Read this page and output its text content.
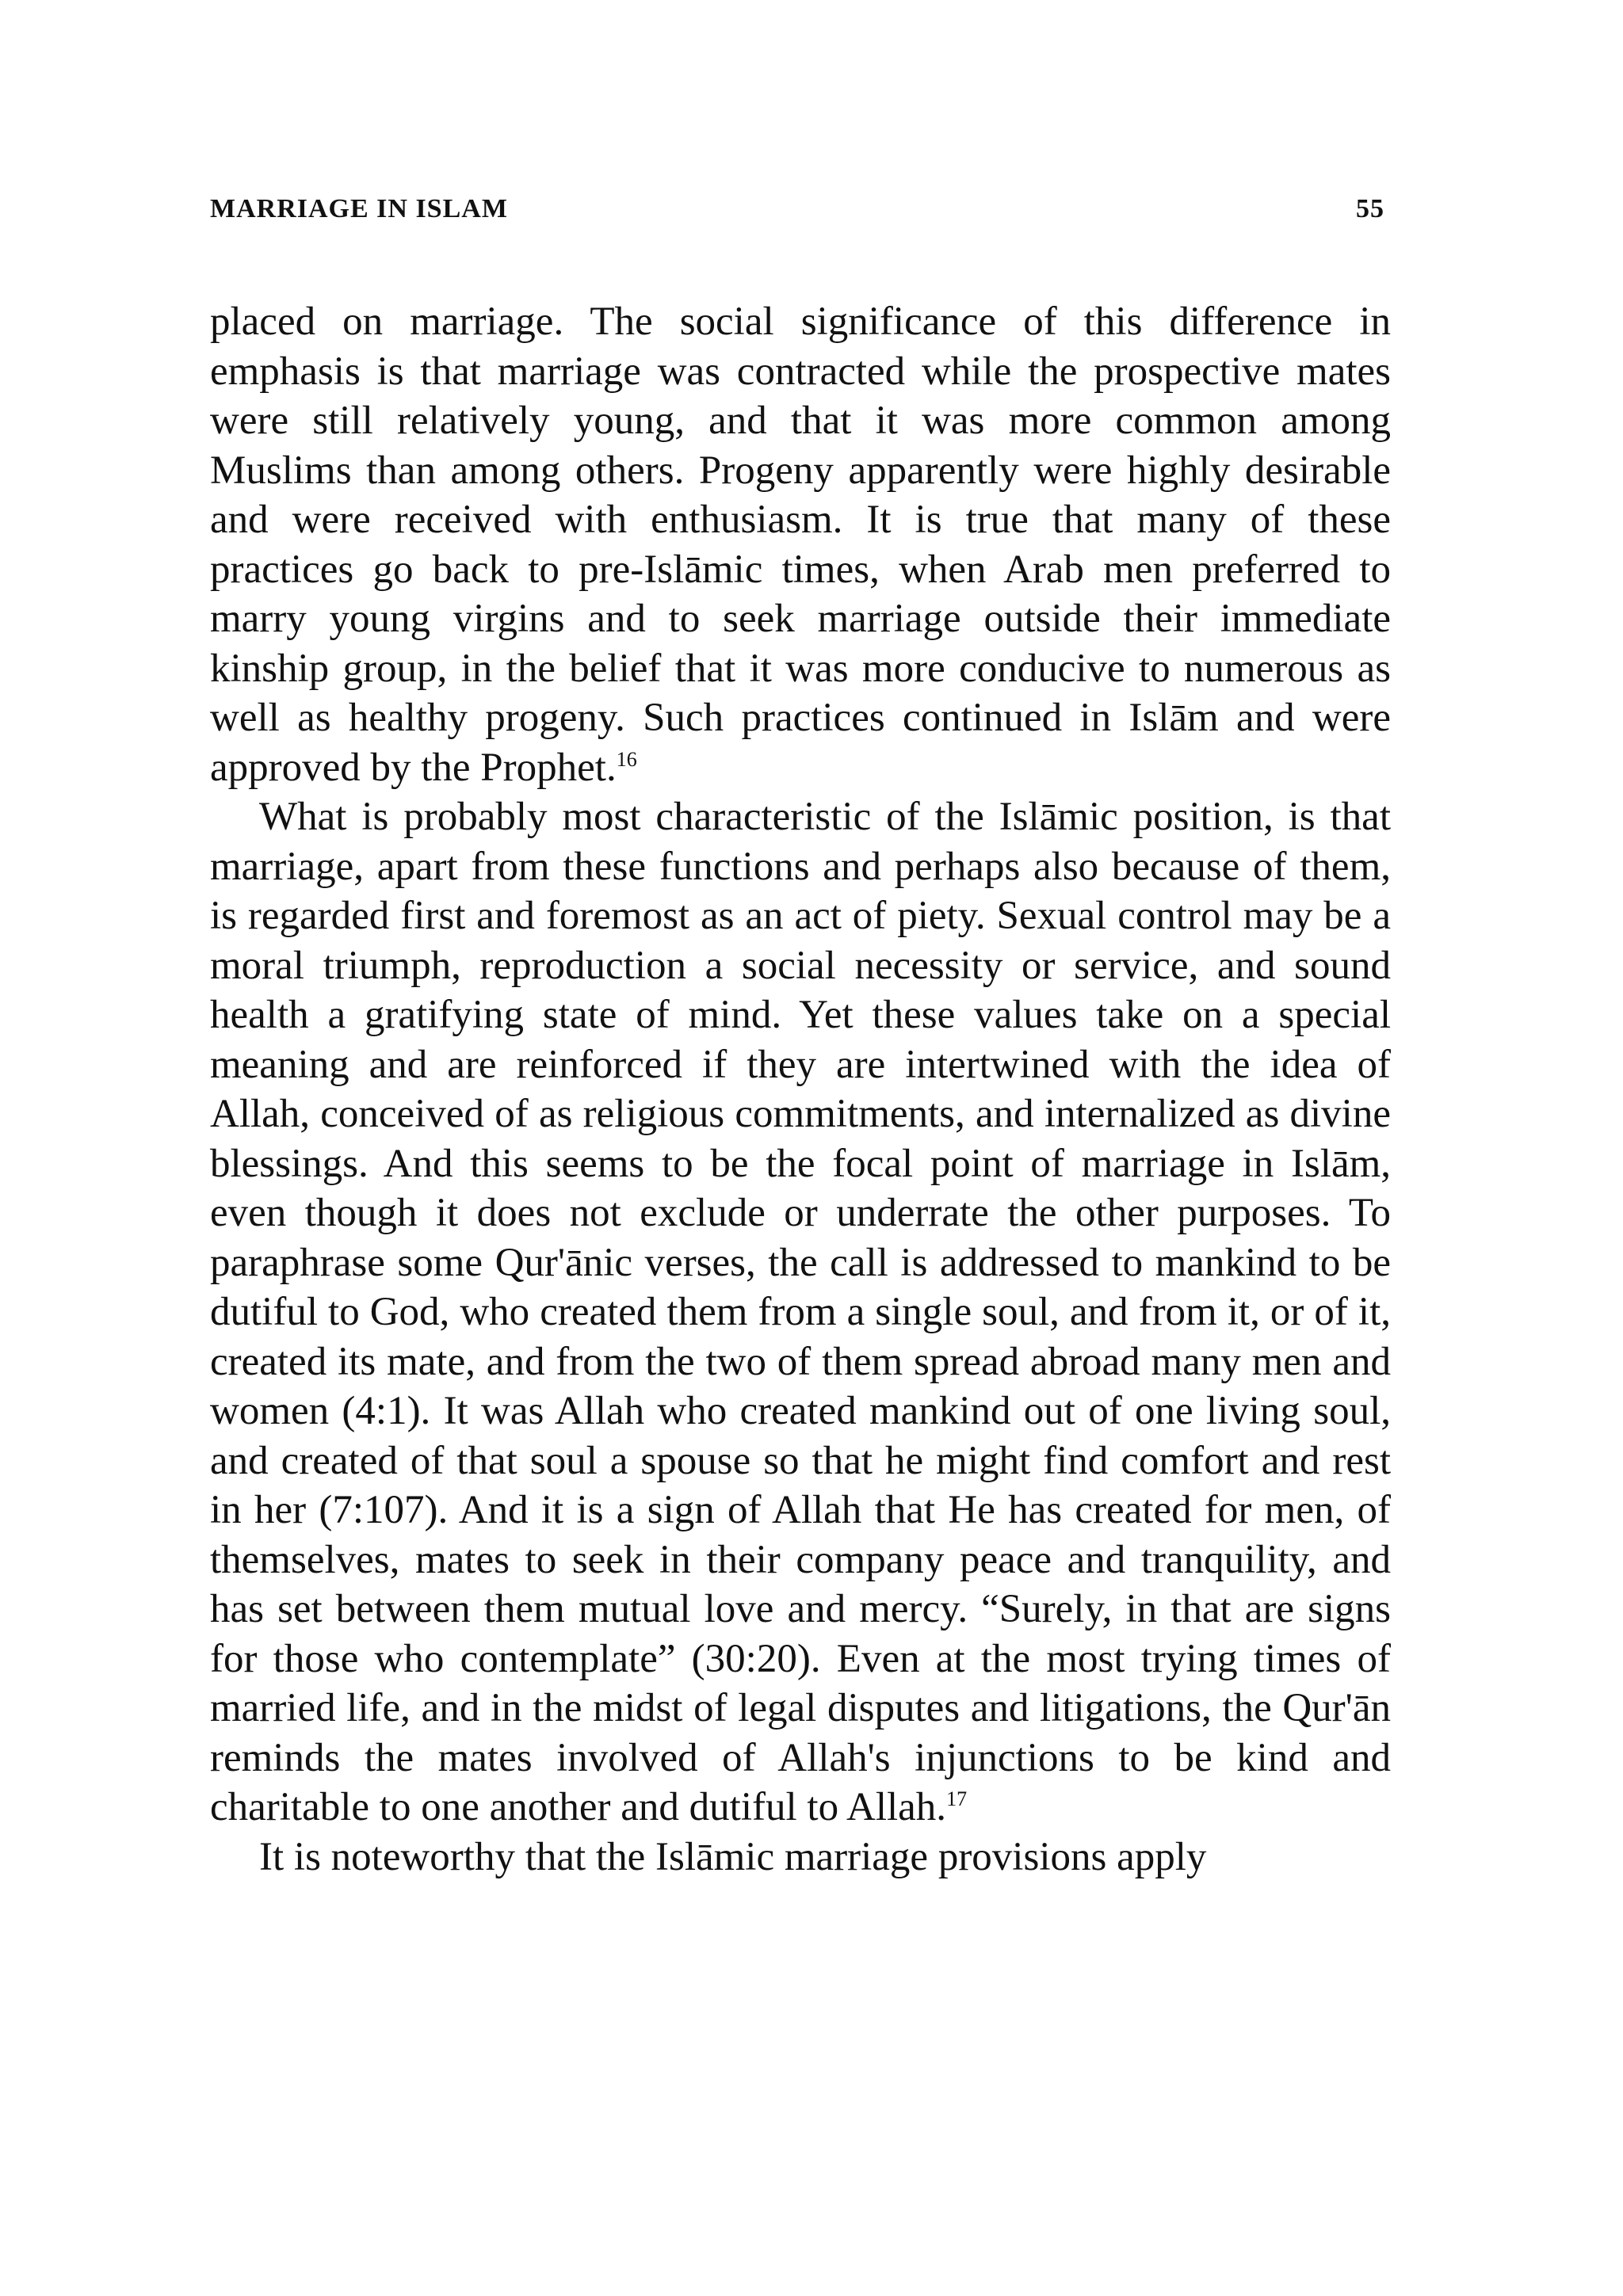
MARRIAGE IN ISLAM	55

placed on marriage. The social significance of this difference in emphasis is that marriage was contracted while the prospective mates were still relatively young, and that it was more common among Muslims than among others. Progeny apparently were highly desirable and were received with enthusiasm. It is true that many of these practices go back to pre-Islāmic times, when Arab men preferred to marry young virgins and to seek marriage outside their immediate kinship group, in the belief that it was more conducive to numerous as well as healthy progeny. Such practices continued in Islām and were approved by the Prophet.$^{16}$

What is probably most characteristic of the Islāmic position, is that marriage, apart from these functions and perhaps also because of them, is regarded first and foremost as an act of piety. Sexual control may be a moral triumph, reproduction a social necessity or service, and sound health a gratifying state of mind. Yet these values take on a special meaning and are reinforced if they are intertwined with the idea of Allah, conceived of as religious commitments, and internalized as divine blessings. And this seems to be the focal point of marriage in Islām, even though it does not exclude or underrate the other purposes. To paraphrase some Qur'ānic verses, the call is addressed to mankind to be dutiful to God, who created them from a single soul, and from it, or of it, created its mate, and from the two of them spread abroad many men and women (4:1). It was Allah who created mankind out of one living soul, and created of that soul a spouse so that he might find comfort and rest in her (7:107). And it is a sign of Allah that He has created for men, of themselves, mates to seek in their company peace and tranquility, and has set between them mutual love and mercy. “Surely, in that are signs for those who contemplate” (30:20). Even at the most trying times of married life, and in the midst of legal disputes and litigations, the Qur'ān reminds the mates involved of Allah's injunctions to be kind and charitable to one another and dutiful to Allah.$^{17}$

It is noteworthy that the Islāmic marriage provisions apply
